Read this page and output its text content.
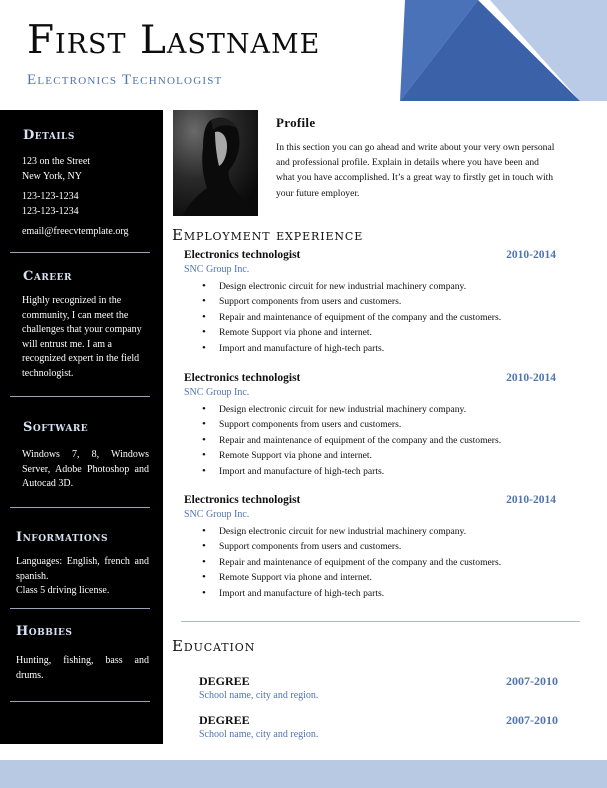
First Lastname
Electronics Technologist
Details
123 on the Street
New York, NY
123-123-1234
123-123-1234
email@freecvtemplate.org
Career
Highly recognized in the community, I can meet the challenges that your company will entrust me. I am a recognized expert in the field technologist.
Software
Windows 7, 8, Windows Server, Adobe Photoshop and Autocad 3D.
Informations
Languages: English, french and spanish.
Class 5 driving license.
Hobbies
Hunting, fishing, bass and drums.
Profile
In this section you can go ahead and write about your very own personal and professional profile. Explain in details where you have been and what you have accomplished. It’s a great way to firstly get in touch with your future employer.
Employment experience
Electronics technologist	2010-2014
SNC Group Inc.
• Design electronic circuit for new industrial machinery company.
• Support components from users and customers.
• Repair and maintenance of equipment of the company and the customers.
• Remote Support via phone and internet.
• Import and manufacture of high-tech parts.
Electronics technologist	2010-2014
SNC Group Inc.
• Design electronic circuit for new industrial machinery company.
• Support components from users and customers.
• Repair and maintenance of equipment of the company and the customers.
• Remote Support via phone and internet.
• Import and manufacture of high-tech parts.
Electronics technologist	2010-2014
SNC Group Inc.
• Design electronic circuit for new industrial machinery company.
• Support components from users and customers.
• Repair and maintenance of equipment of the company and the customers.
• Remote Support via phone and internet.
• Import and manufacture of high-tech parts.
Education
DEGREE	2007-2010
School name, city and region.
DEGREE	2007-2010
School name, city and region.
